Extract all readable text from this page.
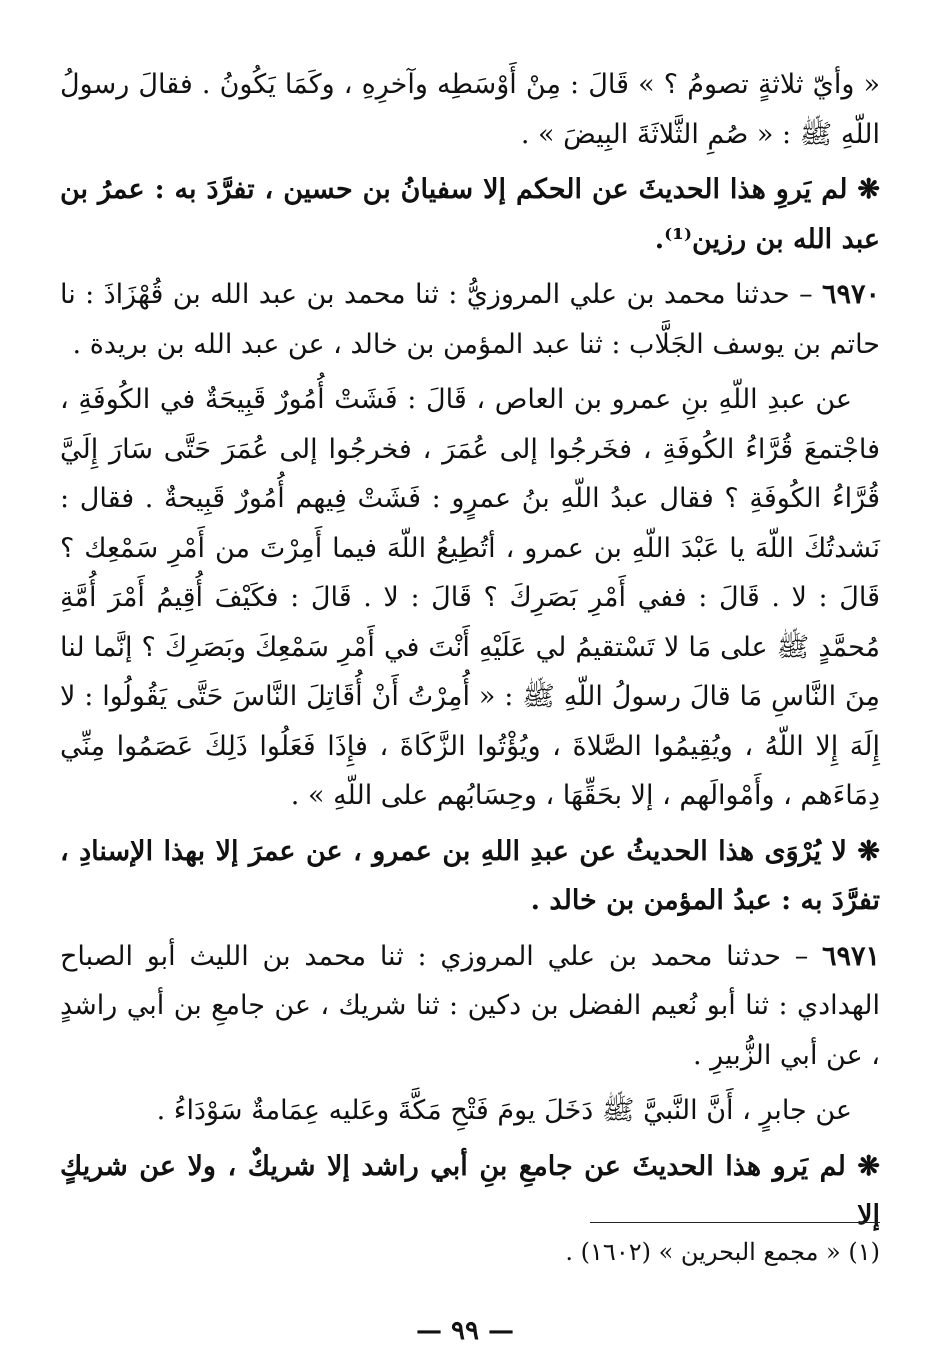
« وأيّ ثلاثةٍ تصومُ ؟ » قَالَ : مِنْ أَوْسَطِه وآخرِهِ ، وكَمَا يَكُونُ . فقالَ رسولُ اللّهِ ﷺ : « صُمِ الثَّلاثَةَ البِيضَ » .

❋ لم يَروِ هذا الحديثَ عن الحكم إلا سفيانُ بن حسين ، تفرَّدَ به : عمرُ بن عبد الله بن رزين⁽¹⁾.

٦٩٧٠ – حدثنا محمد بن علي المروزيُّ : ثنا محمد بن عبد الله بن قُهْزَاذَ : نا حاتم بن يوسف الجَلَّاب : ثنا عبد المؤمن بن خالد ، عن عبد الله بن بريدة .

عن عبدِ اللّهِ بنِ عمرو بن العاص ، قَالَ : فَشَتْ أُمُورٌ قَبِيحَةٌ في الكُوفَةِ ، فاجْتمعَ قُرَّاءُ الكُوفَةِ ، فخَرجُوا إلى عُمَرَ ، فخرجُوا إلى عُمَرَ حَتَّى سَارَ إِلَيَّ قُرَّاءُ الكُوفَةِ ؟ فقال عبدُ اللّهِ بنُ عمرٍو : فَشَتْ فِيهم أُمُورٌ قَبِيحةٌ . فقال : نَشدتُكَ اللّهَ يا عَبْدَ اللّهِ بن عمرو ، أتُطِيعُ اللّهَ فيما أَمِرْتَ من أَمْرِ سَمْعِك ؟ قَالَ : لا . قَالَ : ففي أَمْرِ بَصَرِكَ ؟ قَالَ : لا . قَالَ : فكَيْفَ أُقِيمُ أَمْرَ أُمَّةِ مُحمَّدٍ ﷺ على مَا لا تَسْتقيمُ لي عَلَيْهِ أَنْتَ في أَمْرِ سَمْعِكَ وبَصَرِكَ ؟ إنَّما لنا مِنَ النَّاسِ مَا قالَ رسولُ اللّهِ ﷺ : « أُمِرْتُ أَنْ أُقَاتِلَ النَّاسَ حَتَّى يَقُولُوا : لا إِلَهَ إِلا اللّهُ ، ويُقِيمُوا الصَّلاةَ ، ويُؤْتُوا الزَّكَاةَ ، فإِذَا فَعَلُوا ذَلِكَ عَصَمُوا مِنِّي دِمَاءَهم ، وأَمْوالَهم ، إلا بحَقِّهَا ، وحِسَابُهم على اللّهِ » .

❋ لا يُرْوَى هذا الحديثُ عن عبدِ اللهِ بن عمرو ، عن عمرَ إلا بهذا الإسنادِ ، تفرَّدَ به : عبدُ المؤمن بن خالد .

٦٩٧١ – حدثنا محمد بن علي المروزي : ثنا محمد بن الليث أبو الصباح الهدادي : ثنا أبو نُعيم الفضل بن دكين : ثنا شريك ، عن جامعِ بن أبي راشدٍ ، عن أبي الزُّبيرِ .

عن جابرٍ ، أَنَّ النَّبيَّ ﷺ دَخَلَ يومَ فَتْحِ مَكَّةَ وعَليه عِمَامةٌ سَوْدَاءُ .

❋ لم يَرو هذا الحديثَ عن جامعِ بنِ أبي راشد إلا شريكٌ ، ولا عن شريكٍ إلا

(١) « مجمع البحرين » (١٦٠٢) .
— ٩٩ —
